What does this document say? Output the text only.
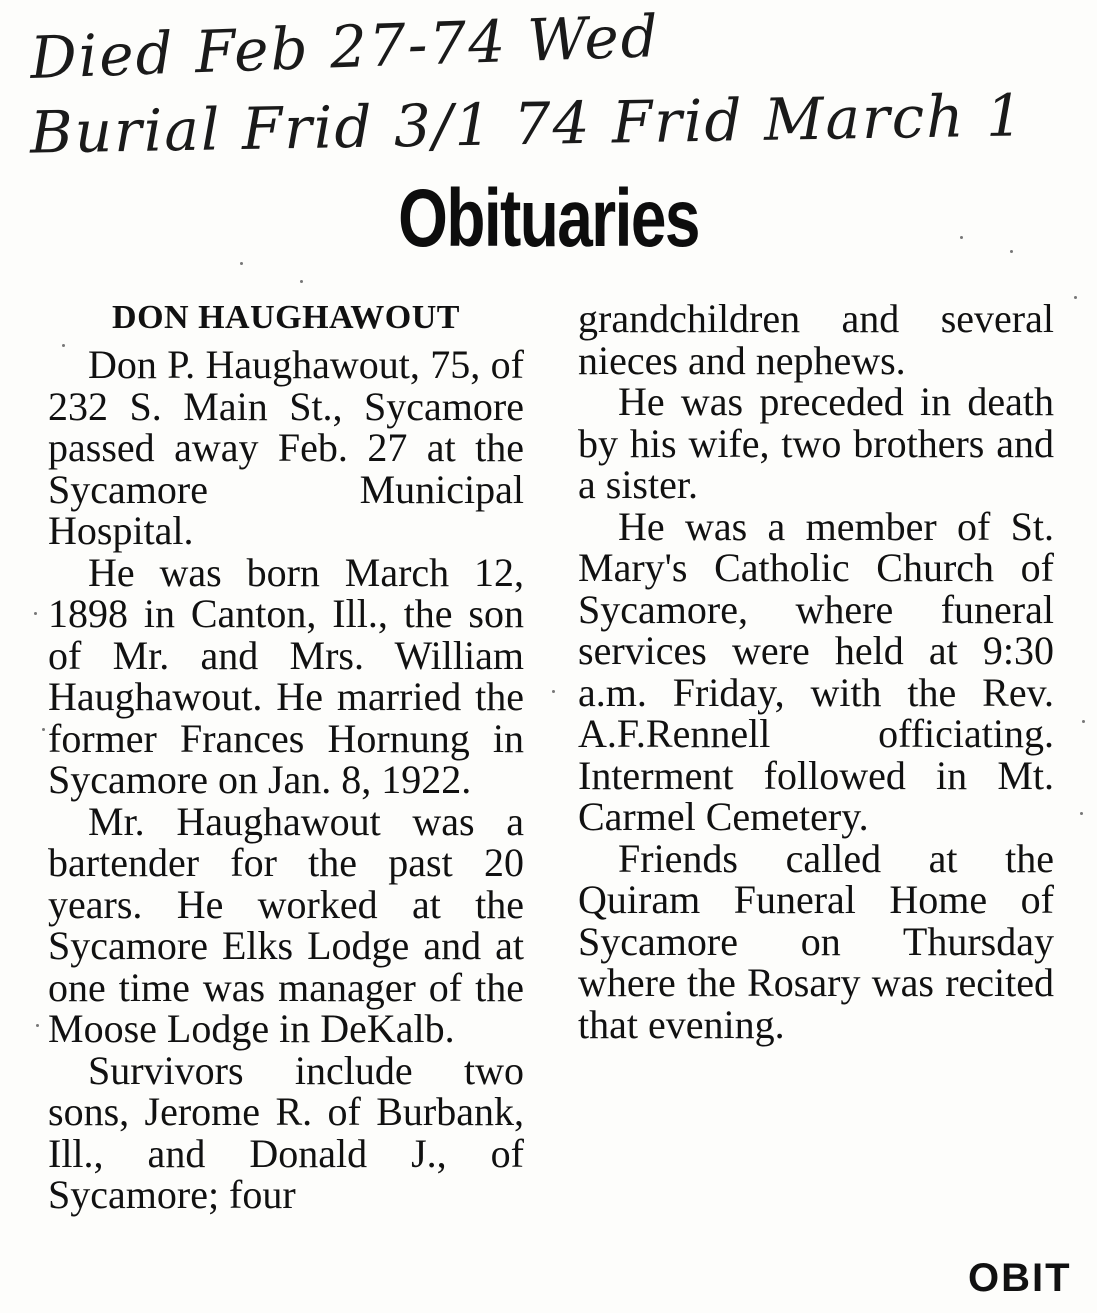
Died Feb 27-74 Wed
Burial Frid 3/1 74 Frid March 1
Obituaries
DON HAUGHAWOUT

Don P. Haughawout, 75, of 232 S. Main St., Sycamore passed away Feb. 27 at the Sycamore Municipal Hospital.

He was born March 12, 1898 in Canton, Ill., the son of Mr. and Mrs. William Haughawout. He married the former Frances Hornung in Sycamore on Jan. 8, 1922.

Mr. Haughawout was a bartender for the past 20 years. He worked at the Sycamore Elks Lodge and at one time was manager of the Moose Lodge in DeKalb.

Survivors include two sons, Jerome R. of Burbank, Ill., and Donald J., of Sycamore; four

grandchildren and several nieces and nephews.

He was preceded in death by his wife, two brothers and a sister.

He was a member of St. Mary's Catholic Church of Sycamore, where funeral services were held at 9:30 a.m. Friday, with the Rev. A.F.Rennell officiating. Interment followed in Mt. Carmel Cemetery.

Friends called at the Quiram Funeral Home of Sycamore on Thursday where the Rosary was recited that evening.

OBIT
